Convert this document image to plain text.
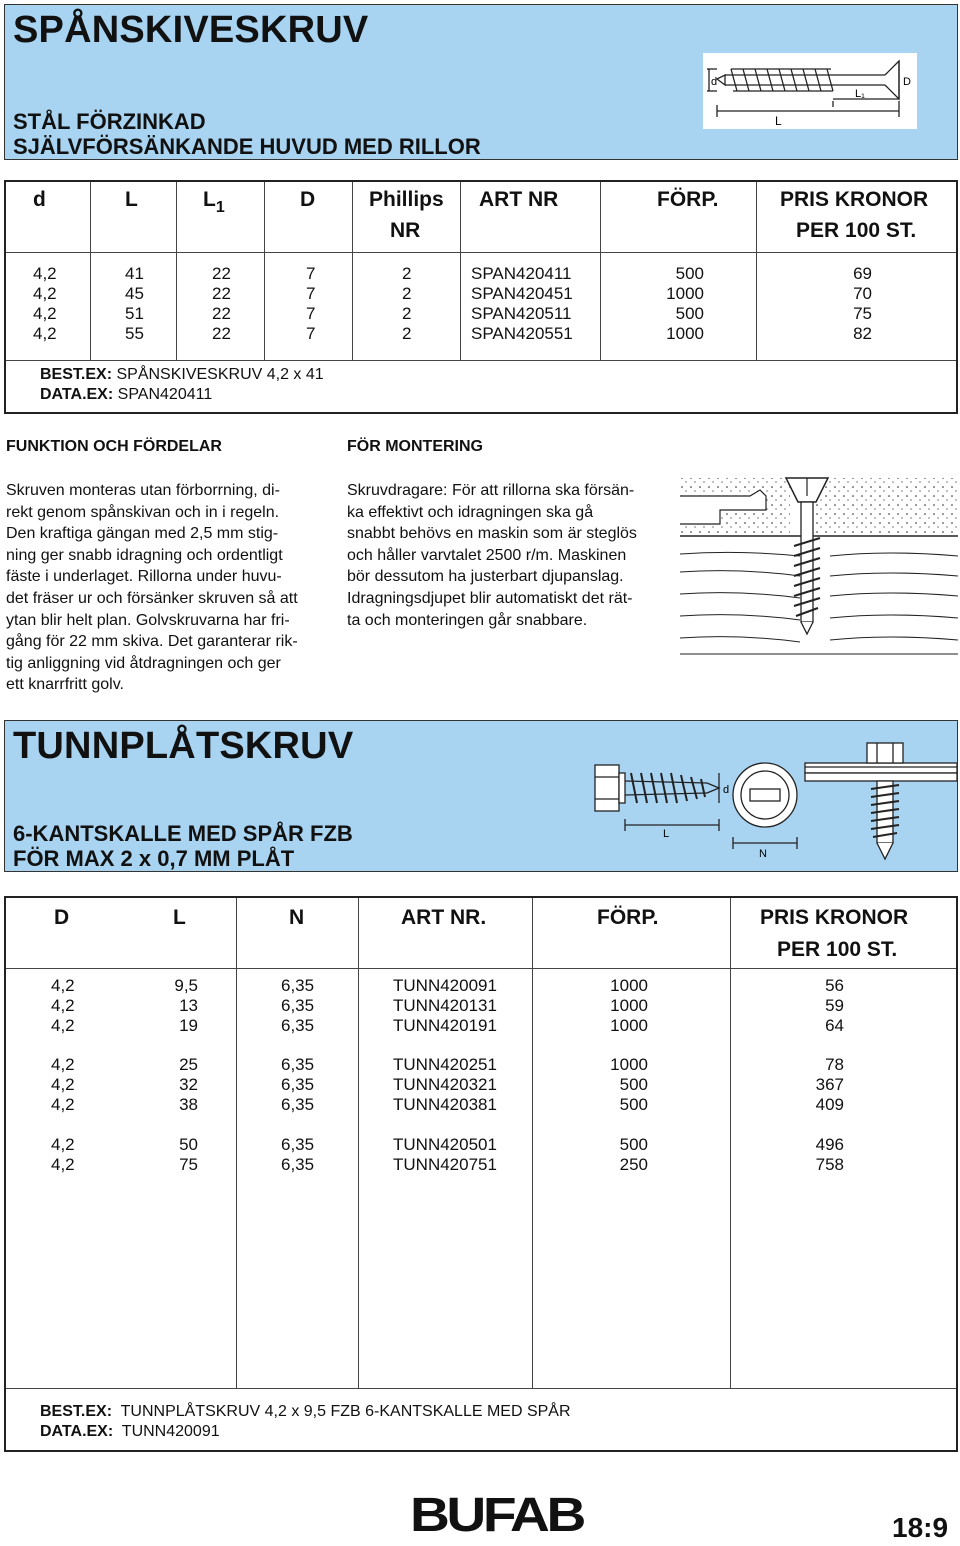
SPÅNSKIVESKRUV
STÅL FÖRZINKAD
SJÄLVFÖRSÄNKANDE HUVUD MED RILLOR
d	D
L
L₁
d	L	$L_1$	D	Phillips
NR
ART NR	FÖRP.	PRIS KRONOR
PER 100 ST.
4,2	41	22	7	2	SPAN420411	500	69
4,2	45	22	7	2	SPAN420451	1000	70
4,2	51	22	7	2	SPAN420511	500	75
4,2	55	22	7	2	SPAN420551	1000	82
BEST.EX: SPÅNSKIVESKRUV 4,2 x 41
DATA.EX: SPAN420411
FUNKTION OCH FÖRDELAR	FÖR MONTERING
Skruven monteras utan förborrning, di-
rekt genom spånskivan och in i regeln.
Den kraftiga gängan med 2,5 mm stig-
ning ger snabb idragning och ordentligt
fäste i underlaget. Rillorna under huvu-
det fräser ur och försänker skruven så att
ytan blir helt plan. Golvskruvarna har fri-
gång för 22 mm skiva. Det garanterar rik-
tig anliggning vid åtdragningen och ger
ett knarrfritt golv.
Skruvdragare: För att rillorna ska försän-
ka effektivt och idragningen ska gå
snabbt behövs en maskin som är steglös
och håller varvtalet 2500 r/m. Maskinen
bör dessutom ha justerbart djupanslag.
Idragningsdjupet blir automatiskt det rät-
ta och monteringen går snabbare.
TUNNPLÅTSKRUV
6-KANTSKALLE MED SPÅR FZB
FÖR MAX 2 x 0,7 MM PLÅT
d
L
N
D	L	N	ART NR.	FÖRP.	PRIS KRONOR
PER 100 ST.
4,2	9,5	6,35	TUNN420091	1000	56
4,2	13	6,35	TUNN420131	1000	59
4,2	19	6,35	TUNN420191	1000	64
4,2	25	6,35	TUNN420251	1000	78
4,2	32	6,35	TUNN420321	500	367
4,2	38	6,35	TUNN420381	500	409
4,2	50	6,35	TUNN420501	500	496
4,2	75	6,35	TUNN420751	250	758
BEST.EX: TUNNPLÅTSKRUV 4,2 x 9,5 FZB 6-KANTSKALLE MED SPÅR
DATA.EX: TUNN420091
BUFAB	18:9
